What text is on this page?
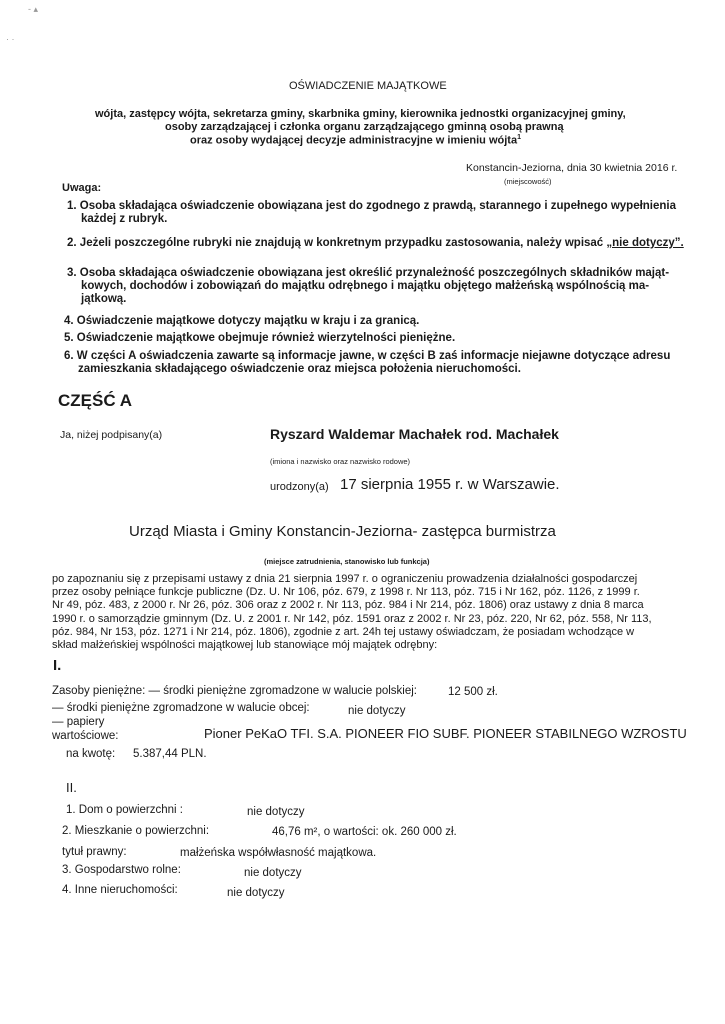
- ▴
· ·
OŚWIADCZENIE MAJĄTKOWE
wójta, zastępcy wójta, sekretarza gminy, skarbnika gminy, kierownika jednostki organizacyjnej gminy,
osoby zarządzającej i członka organu zarządzającego gminną osobą prawną
oraz osoby wydającej decyzje administracyjne w imieniu wójta$^1$
Konstancin-Jeziorna, dnia 30 kwietnia 2016 r.
(miejscowość)
Uwaga:
1. Osoba składająca oświadczenie obowiązana jest do zgodnego z prawdą, starannego i zupełnego wypełnienia
każdej z rubryk.
2. Jeżeli poszczególne rubryki nie znajdują w konkretnym przypadku zastosowania, należy wpisać „nie dotyczy”.
3. Osoba składająca oświadczenie obowiązana jest określić przynależność poszczególnych składników mająt-
kowych, dochodów i zobowiązań do majątku odrębnego i majątku objętego małżeńską wspólnością ma-
jątkową.
4. Oświadczenie majątkowe dotyczy majątku w kraju i za granicą.
5. Oświadczenie majątkowe obejmuje również wierzytelności pieniężne.
6. W części A oświadczenia zawarte są informacje jawne, w części B zaś informacje niejawne dotyczące adresu
zamieszkania składającego oświadczenie oraz miejsca położenia nieruchomości.
CZĘŚĆ A
Ja, niżej podpisany(a)	Ryszard Waldemar Machałek rod. Machałek
(imiona i nazwisko oraz nazwisko rodowe)
urodzony(a) 17 sierpnia 1955 r. w Warszawie.
Urząd Miasta i Gminy Konstancin-Jeziorna- zastępca burmistrza
(miejsce zatrudnienia, stanowisko lub funkcja)
po zapoznaniu się z przepisami ustawy z dnia 21 sierpnia 1997 r. o ograniczeniu prowadzenia działalności gospodarczej
przez osoby pełniące funkcje publiczne (Dz. U. Nr 106, póz. 679, z 1998 r. Nr 113, póz. 715 i Nr 162, póz. 1126, z 1999 r.
Nr 49, póz. 483, z 2000 r. Nr 26, póz. 306 oraz z 2002 r. Nr 113, póz. 984 i Nr 214, póz. 1806) oraz ustawy z dnia 8 marca
1990 r. o samorządzie gminnym (Dz. U. z 2001 r. Nr 142, póz. 1591 oraz z 2002 r. Nr 23, póz. 220, Nr 62, póz. 558, Nr 113,
póz. 984, Nr 153, póz. 1271 i Nr 214, póz. 1806), zgodnie z art. 24h tej ustawy oświadczam, że posiadam wchodzące w
skład małżeńskiej wspólności majątkowej lub stanowiące mój majątek odrębny:
I.
Zasoby pieniężne: — środki pieniężne zgromadzone w walucie polskiej:	12 500 zł.
— środki pieniężne zgromadzone w walucie obcej:	nie dotyczy
— papiery
wartościowe:	Pioner PeKaO TFI. S.A. PIONEER FIO SUBF. PIONEER STABILNEGO WZROSTU
na kwotę: 5.387,44 PLN.
II.
1. Dom o powierzchni :	nie dotyczy
2. Mieszkanie o powierzchni:	46,76 m², o wartości: ok. 260 000 zł.
tytuł prawny:	małżeńska współwłasność majątkowa.
3. Gospodarstwo rolne:	nie dotyczy
4. Inne nieruchomości:	nie dotyczy
